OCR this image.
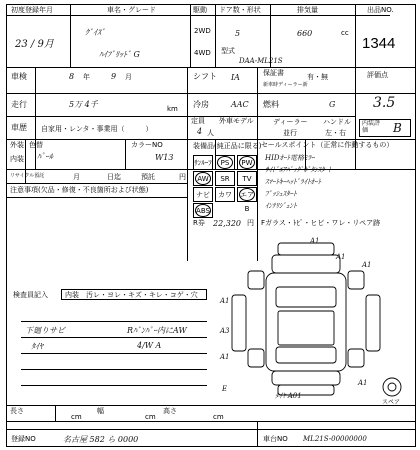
初度登録年月
23 / 9月
車名・グレード
ｸﾞｲｽﾞ
ﾊｲﾌﾞﾘｯﾄﾞ G
駆動
2WD
4WD
ドア数・形状
5
排気量
660	cc
型式
DAA-ML21S
出品NO.
1344
車検	8 年	9 月	シフト IA	保証書
新車時ディーラー新
有・無	評価点
3.5
走行	5万 4千	km 冷房	AAC 燃料	G
車歴 自家用・レンタ・事業用（　　　）
定員
4 人
外車モデル	ディーラー
並行
ハンドル
左・右
内装評価	B
外装
内装
色替
ﾊﾟｰﾙ
カラーNO
W13
リサイクル預託	月	日迄	預託	円
注意事項(欠品・修復・不良箇所および状態)
装備品(純正品に限る)
ｻﾝﾙｰﾌ	PS	PW
AW	SR	TV
ナビ	カワ	エアB
ABS
R券 22,320 円
セールスポイント（正常に作動するもの）
HIDｵｰﾄ電格ﾐﾗｰ
ｻｲﾄﾞｴｱﾊﾞｯｸﾞﾎﾞﾀﾝｽﾀｰﾄ
ｽﾏｰﾄｷｰﾍｯﾄﾞﾗｲﾄｵｰﾄ
ﾌﾟｯｼｭｽﾀｰﾄ
ｲﾝﾃﾘｼﾞｪﾝﾄ
Fガラス・ﾄﾋﾞ・ヒビ・ワレ・リペア跡
検査員記入 内装　汚レ・ヨレ・キズ・キレ・コゲ・穴
下廻りサビ	Rﾊﾞﾝﾊﾟｰ内にAW
ﾀｲﾔ	4/W A
A1
A1
A1
A1
A3
A1
E
A1
スペア
ﾀｲﾔ A01
長さ
cm
幅
cm
高さ
cm
登録NO	名古屋 582 ら 0000	車台NO ML21S-00000000
